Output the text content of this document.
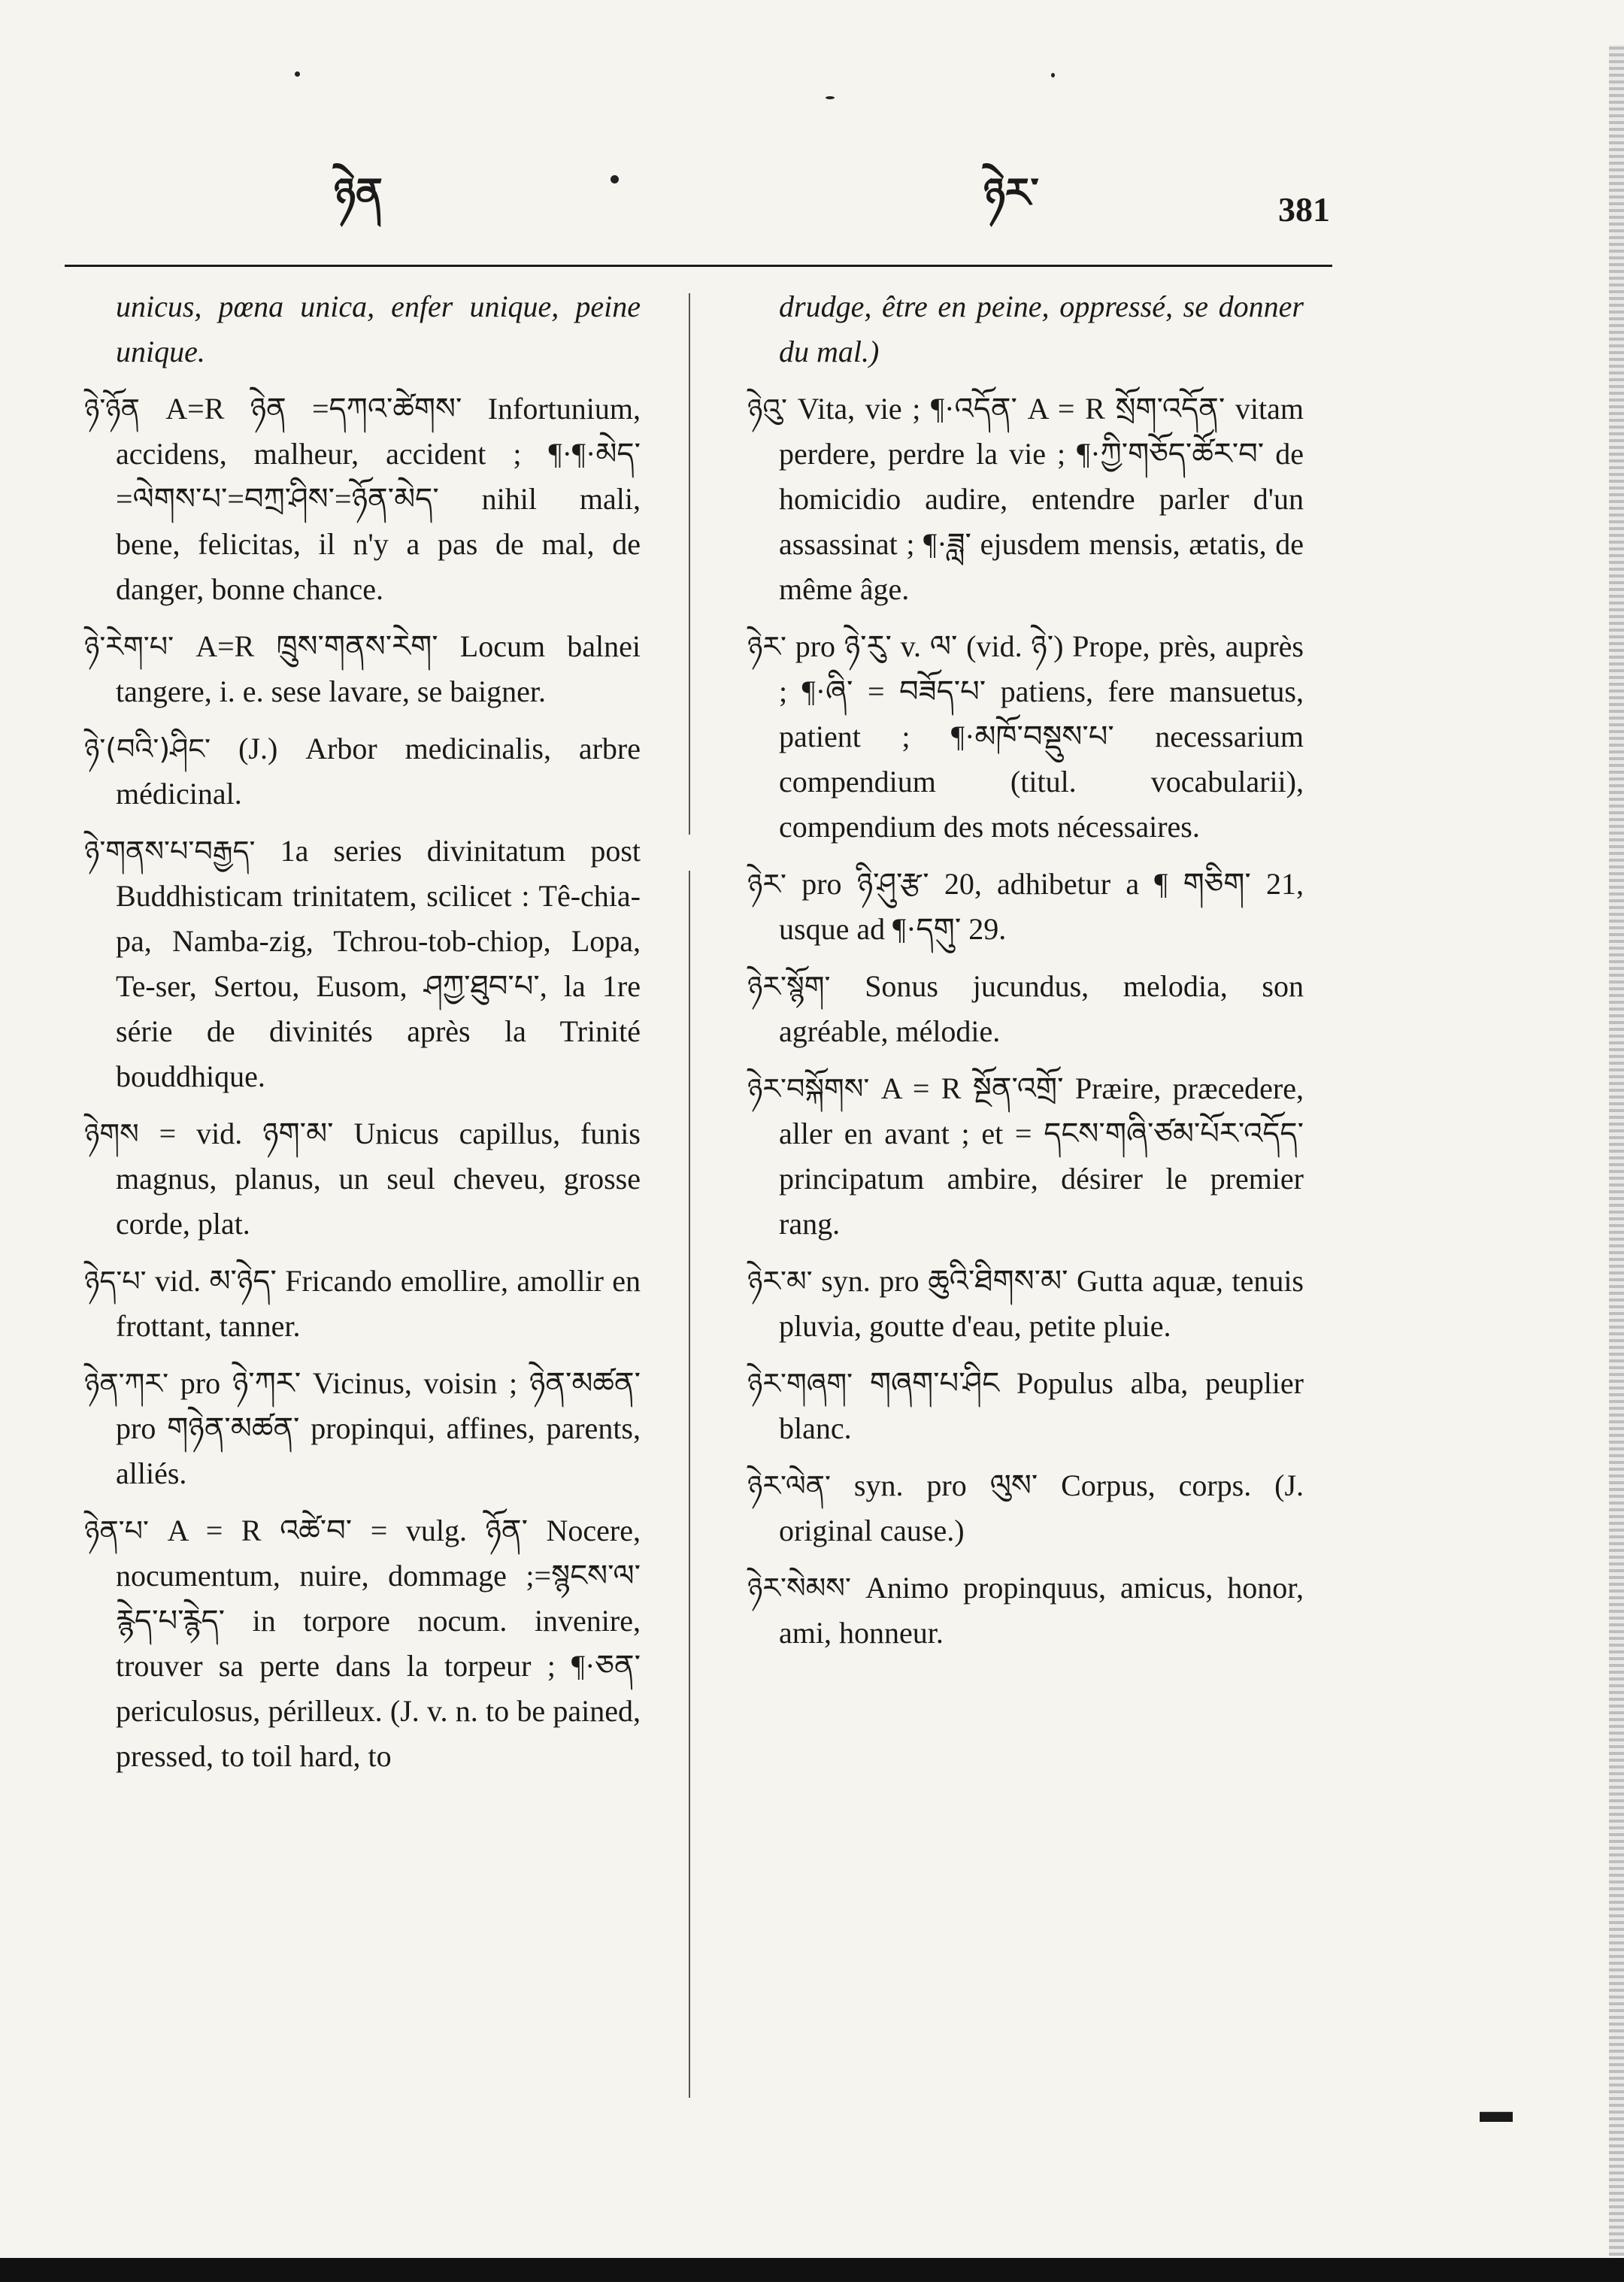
ཉེན	ཉེར་	381

unicus, pœna unica, enfer unique, peine unique.

ཉེ་ཉོན A=R ཉེན =དཀའ་ཚེགས་ Infortunium, accidens, malheur, accident ; ¶·¶·མེད་ =ལེགས་པ་=བཀྲ་ཤིས་=ཉོན་མེད་ nihil mali, bene, felicitas, il n'y a pas de mal, de danger, bonne chance.

ཉེ་རེག་པ་ A=R ཁྲུས་གནས་རེག་ Locum balnei tangere, i. e. sese lavare, se baigner.

ཉེ་(བའི་)ཤིང་ (J.) Arbor medicinalis, arbre médicinal.

ཉེ་གནས་པ་བརྒྱད་ 1a series divinitatum post Buddhisticam trinitatem, scilicet : Tê-chia-pa, Namba-zig, Tchrou-tob-chiop, Lopa, Te-ser, Sertou, Eusom, ཤཀྱ་ཐུབ་པ་, la 1re série de divinités après la Trinité bouddhique.

ཉེགས = vid. ཉག་མ་ Unicus capillus, funis magnus, planus, un seul cheveu, grosse corde, plat.

ཉེད་པ་ vid. མ་ཉེད་ Fricando emollire, amollir en frottant, tanner.

ཉེན་ཀར་ pro ཉེ་ཀར་ Vicinus, voisin ; ཉེན་མཚན་ pro གཉེན་མཚན་ propinqui, affines, parents, alliés.

ཉེན་པ་ A = R འཚེ་བ་ = vulg. ཉོན་ Nocere, nocumentum, nuire, dommage ;=སྙངས་ལ་རྙེད་པ་རྙེད་ in torpore nocum. invenire, trouver sa perte dans la torpeur ; ¶·ཅན་ periculosus, périlleux. (J. v. n. to be pained, pressed, to toil hard, to

drudge, être en peine, oppressé, se donner du mal.)

ཉེའུ་ Vita, vie ; ¶·འདོན་ A = R སྲོག་འདོན་ vitam perdere, perdre la vie ; ¶·ཀྱི་གཅོད་ཚོར་བ་ de homicidio audire, entendre parler d'un assassinat ; ¶·ཟླ་ ejusdem mensis, ætatis, de même âge.

ཉེར་ pro ཉེ་རུ་ v. ལ་ (vid. ཉེ་) Prope, près, auprès ; ¶·ཞི་ = བཟོད་པ་ patiens, fere mansuetus, patient ; ¶·མཁོ་བསྡུས་པ་ necessarium compendium (titul. vocabularii), compendium des mots nécessaires.

ཉེར་ pro ཉི་ཤུ་རྩ་ 20, adhibetur a ¶ གཅིག་ 21, usque ad ¶·དགུ་ 29.

ཉེར་སྙོག་ Sonus jucundus, melodia, son agréable, mélodie.

ཉེར་བསྐོགས་ A = R སྔོན་འགྲོ་ Præire, præcedere, aller en avant ; et = དངས་གཞི་ཙམ་པོར་འདོད་ principatum ambire, désirer le premier rang.

ཉེར་མ་ syn. pro ཆུའི་ཐིགས་མ་ Gutta aquæ, tenuis pluvia, goutte d'eau, petite pluie.

ཉེར་གཞག་ གཞག་པ་ཤིང Populus alba, peuplier blanc.

ཉེར་ལེན་ syn. pro ལུས་ Corpus, corps. (J. original cause.)

ཉེར་སེམས་ Animo propinquus, amicus, honor, ami, honneur.

▬
